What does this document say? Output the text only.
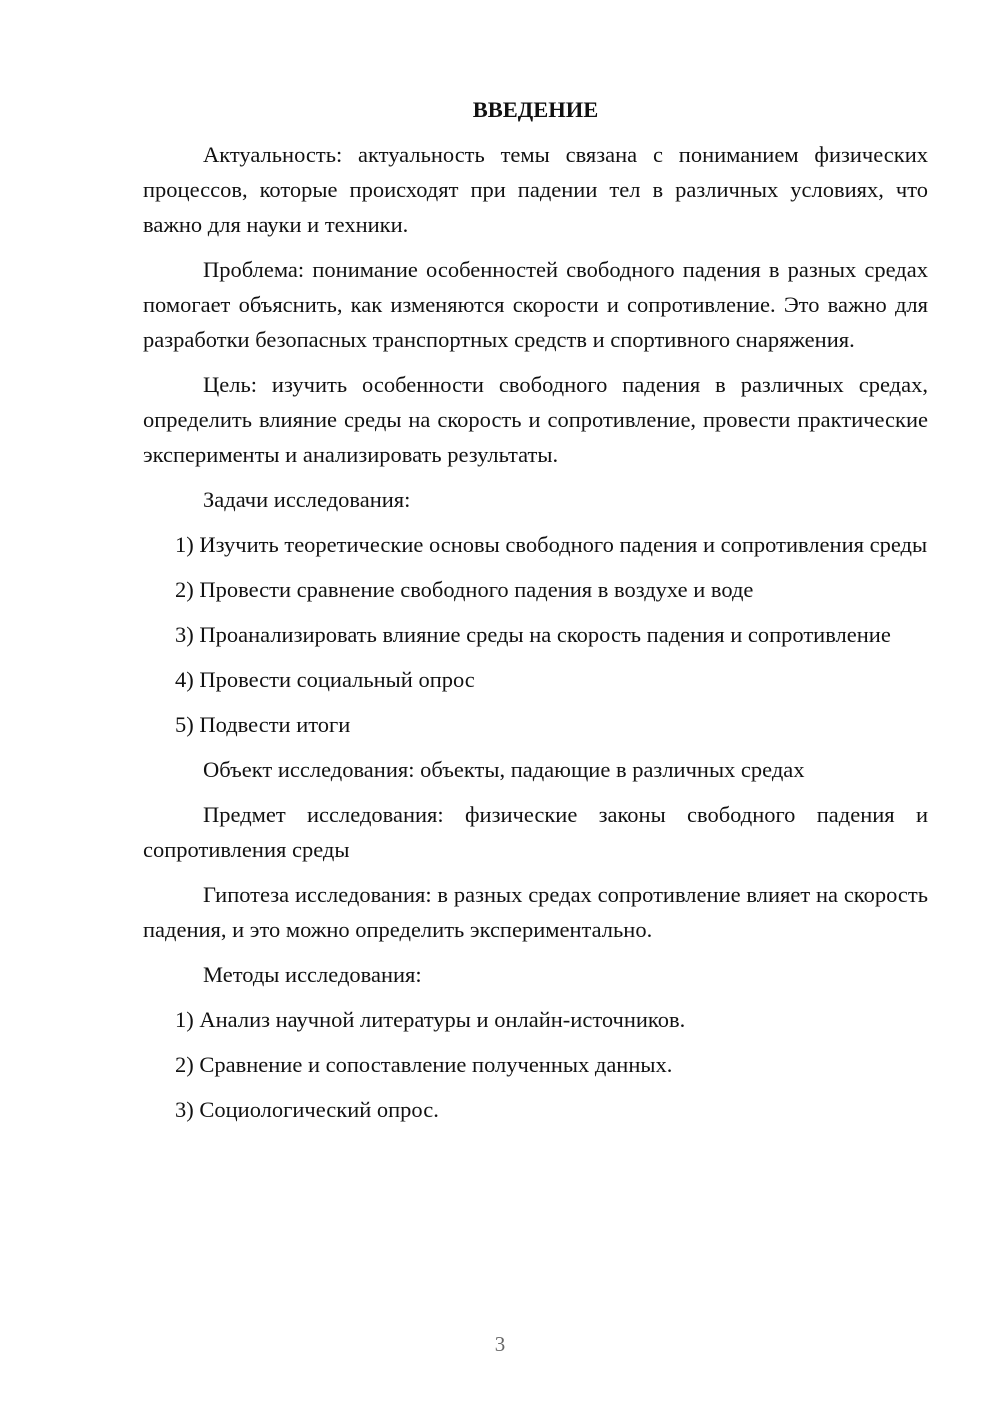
ВВЕДЕНИЕ

Актуальность: актуальность темы связана с пониманием физических процессов, которые происходят при падении тел в различных условиях, что важно для науки и техники.

Проблема: понимание особенностей свободного падения в разных средах помогает объяснить, как изменяются скорости и сопротивление. Это важно для разработки безопасных транспортных средств и спортивного снаряжения.

Цель: изучить особенности свободного падения в различных средах, определить влияние среды на скорость и сопротивление, провести практические эксперименты и анализировать результаты.

Задачи исследования:

1) Изучить теоретические основы свободного падения и сопротивления среды

2) Провести сравнение свободного падения в воздухе и воде

3) Проанализировать влияние среды на скорость падения и сопротивление

4) Провести социальный опрос

5) Подвести итоги

Объект исследования: объекты, падающие в различных средах

Предмет исследования: физические законы свободного падения и сопротивления среды

Гипотеза исследования: в разных средах сопротивление влияет на скорость падения, и это можно определить экспериментально.

Методы исследования:

1) Анализ научной литературы и онлайн-источников.

2) Сравнение и сопоставление полученных данных.

3) Социологический опрос.

3
